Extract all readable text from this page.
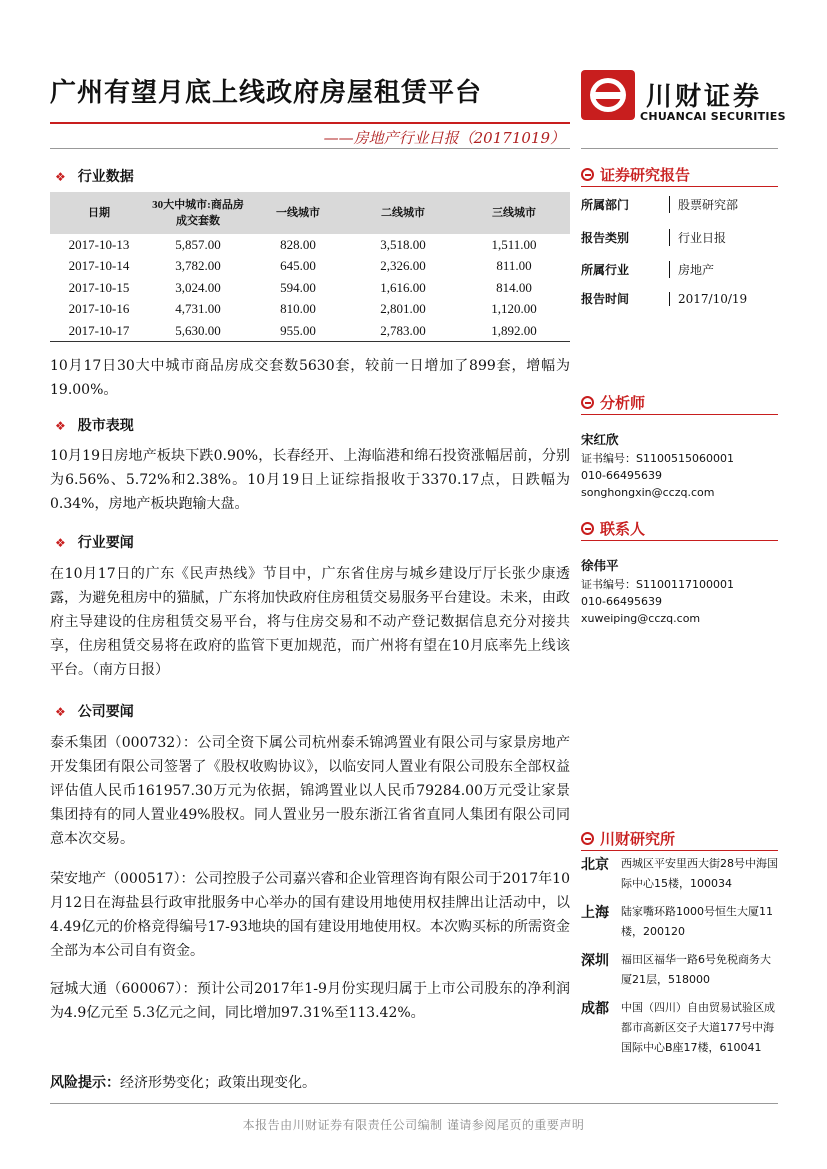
广州有望月底上线政府房屋租赁平台	川财证券
CHUANCAI SECURITIES
——房地产行业日报（20171019）
❖ 行业数据
日期	30大中城市:商品房成交套数	一线城市	二线城市	三线城市
2017-10-13	5,857.00	828.00	3,518.00	1,511.00
2017-10-14	3,782.00	645.00	2,326.00	811.00
2017-10-15	3,024.00	594.00	1,616.00	814.00
2017-10-16	4,731.00	810.00	2,801.00	1,120.00
2017-10-17	5,630.00	955.00	2,783.00	1,892.00
10月17日30大中城市商品房成交套数5630套，较前一日增加了899套，增幅为19.00%。
❖ 股市表现
10月19日房地产板块下跌0.90%，长春经开、上海临港和绵石投资涨幅居前，分别为6.56%、5.72%和2.38%。10月19日上证综指报收于3370.17点，日跌幅为0.34%，房地产板块跑输大盘。
❖ 行业要闻
在10月17日的广东《民声热线》节目中，广东省住房与城乡建设厅厅长张少康透露，为避免租房中的猫腻，广东将加快政府住房租赁交易服务平台建设。未来，由政府主导建设的住房租赁交易平台，将与住房交易和不动产登记数据信息充分对接共享，住房租赁交易将在政府的监管下更加规范，而广州将有望在10月底率先上线该平台。（南方日报）
❖ 公司要闻
泰禾集团（000732）：公司全资下属公司杭州泰禾锦鸿置业有限公司与家景房地产开发集团有限公司签署了《股权收购协议》，以临安同人置业有限公司股东全部权益评估值人民币161957.30万元为依据，锦鸿置业以人民币79284.00万元受让家景集团持有的同人置业49%股权。同人置业另一股东浙江省省直同人集团有限公司同意本次交易。
荣安地产（000517）：公司控股子公司嘉兴睿和企业管理咨询有限公司于2017年10月12日在海盐县行政审批服务中心举办的国有建设用地使用权挂牌出让活动中，以4.49亿元的价格竞得编号17-93地块的国有建设用地使用权。本次购买标的所需资金全部为本公司自有资金。
冠城大通（600067）：预计公司2017年1-9月份实现归属于上市公司股东的净利润为4.9亿元至 5.3亿元之间，同比增加97.31%至113.42%。
风险提示：经济形势变化；政策出现变化。
证券研究报告
所属部门	股票研究部
报告类别	行业日报
所属行业	房地产
报告时间	2017/10/19
分析师
宋红欣
证书编号：S1100515060001
010-66495639
songhongxin@cczq.com
联系人
徐伟平
证书编号：S1100117100001
010-66495639
xuweiping@cczq.com
川财研究所
北京 西城区平安里西大街28号中海国际中心15楼，100034
上海 陆家嘴环路1000号恒生大厦11楼，200120
深圳 福田区福华一路6号免税商务大厦21层，518000
成都 中国（四川）自由贸易试验区成都市高新区交子大道177号中海国际中心B座17楼，610041
本报告由川财证券有限责任公司编制 谨请参阅尾页的重要声明
